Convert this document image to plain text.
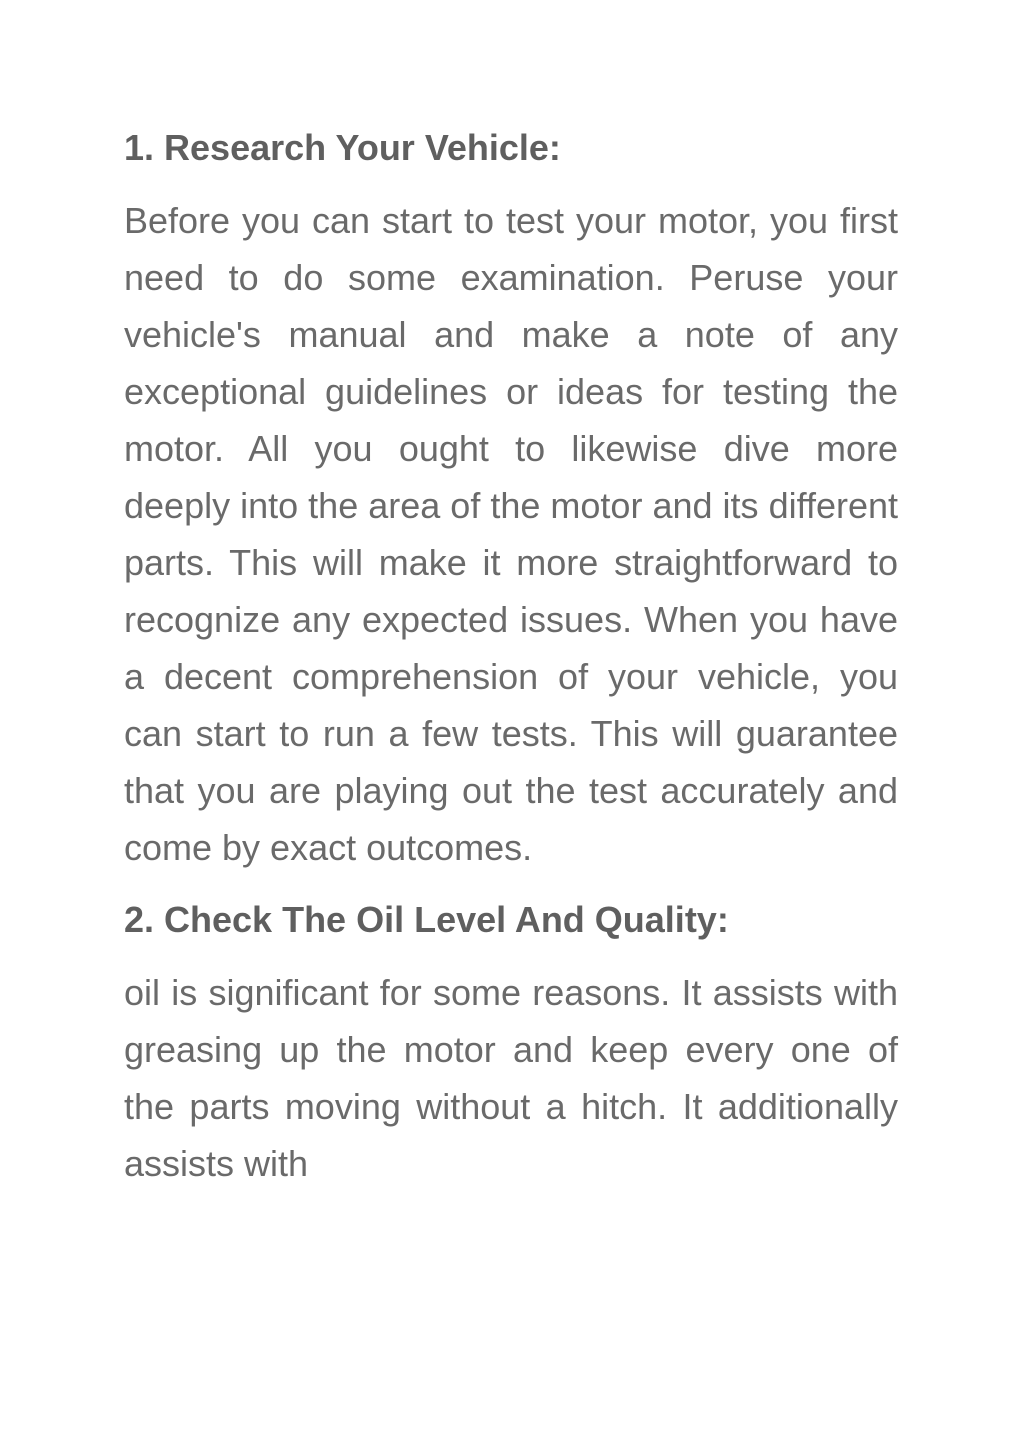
1. Research Your Vehicle:

Before you can start to test your motor, you first need to do some examination. Peruse your vehicle's manual and make a note of any exceptional guidelines or ideas for testing the motor. All you ought to likewise dive more deeply into the area of the motor and its different parts. This will make it more straightforward to recognize any expected issues. When you have a decent comprehension of your vehicle, you can start to run a few tests. This will guarantee that you are playing out the test accurately and come by exact outcomes.

2. Check The Oil Level And Quality:

oil is significant for some reasons. It assists with greasing up the motor and keep every one of the parts moving without a hitch. It additionally assists with
